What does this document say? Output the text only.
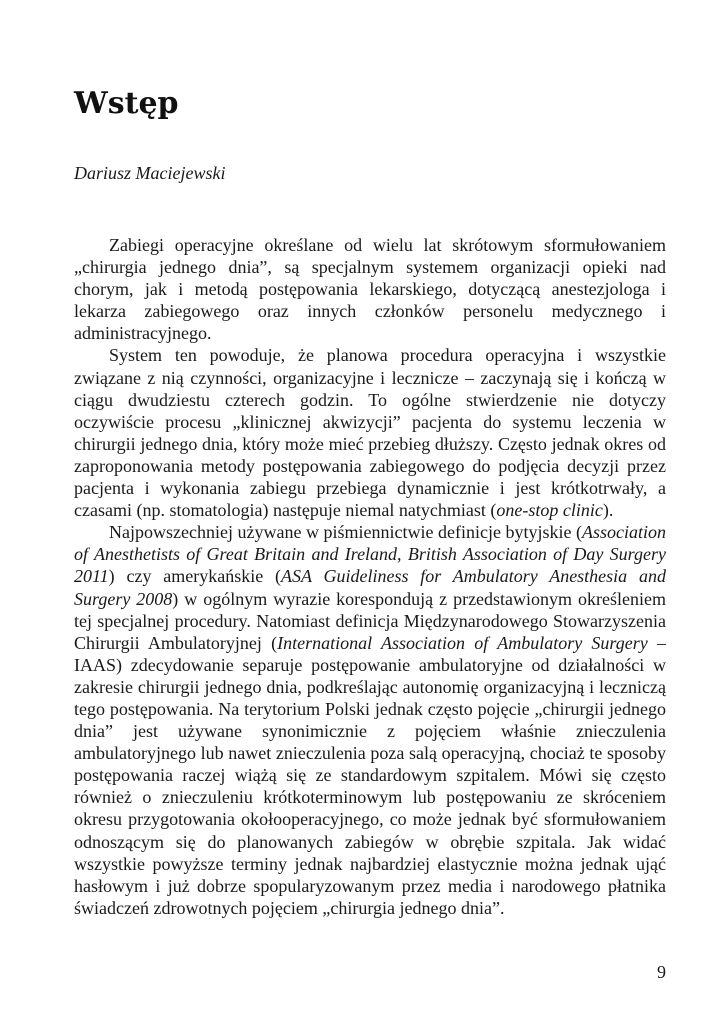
Wstęp

Dariusz Maciejewski

Zabiegi operacyjne określane od wielu lat skrótowym sformułowaniem „chirurgia jednego dnia”, są specjalnym systemem organizacji opieki nad chorym, jak i metodą postępowania lekarskiego, dotyczącą anestezjologa i lekarza zabiegowego oraz innych członków personelu medycznego i administracyjnego.

System ten powoduje, że planowa procedura operacyjna i wszystkie związane z nią czynności, organizacyjne i lecznicze – zaczynają się i kończą w ciągu dwudziestu czterech godzin. To ogólne stwierdzenie nie dotyczy oczywiście procesu „klinicznej akwizycji” pacjenta do systemu leczenia w chirurgii jednego dnia, który może mieć przebieg dłuższy. Często jednak okres od zaproponowania metody postępowania zabiegowego do podjęcia decyzji przez pacjenta i wykonania zabiegu przebiega dynamicznie i jest krótkotrwały, a czasami (np. stomatologia) następuje niemal natychmiast (one-stop clinic).

Najpowszechniej używane w piśmiennictwie definicje bytyjskie (Association of Anesthetists of Great Britain and Ireland, British Association of Day Surgery 2011) czy amerykańskie (ASA Guideliness for Ambulatory Anesthesia and Surgery 2008) w ogólnym wyrazie korespondują z przedstawionym określeniem tej specjalnej procedury. Natomiast definicja Międzynarodowego Stowarzyszenia Chirurgii Ambulatoryjnej (International Association of Ambulatory Surgery – IAAS) zdecydowanie separuje postępowanie ambulatoryjne od działalności w zakresie chirurgii jednego dnia, podkreślając autonomię organizacyjną i leczniczą tego postępowania. Na terytorium Polski jednak często pojęcie „chirurgii jednego dnia” jest używane synonimicznie z pojęciem właśnie znieczulenia ambulatoryjnego lub nawet znieczulenia poza salą operacyjną, chociaż te sposoby postępowania raczej wiążą się ze standardowym szpitalem. Mówi się często również o znieczuleniu krótkoterminowym lub postępowaniu ze skróceniem okresu przygotowania okołooperacyjnego, co może jednak być sformułowaniem odnoszącym się do planowanych zabiegów w obrębie szpitala. Jak widać wszystkie powyższe terminy jednak najbardziej elastycznie można jednak ująć hasłowym i już dobrze spopularyzowanym przez media i narodowego płatnika świadczeń zdrowotnych pojęciem „chirurgia jednego dnia”.

9
